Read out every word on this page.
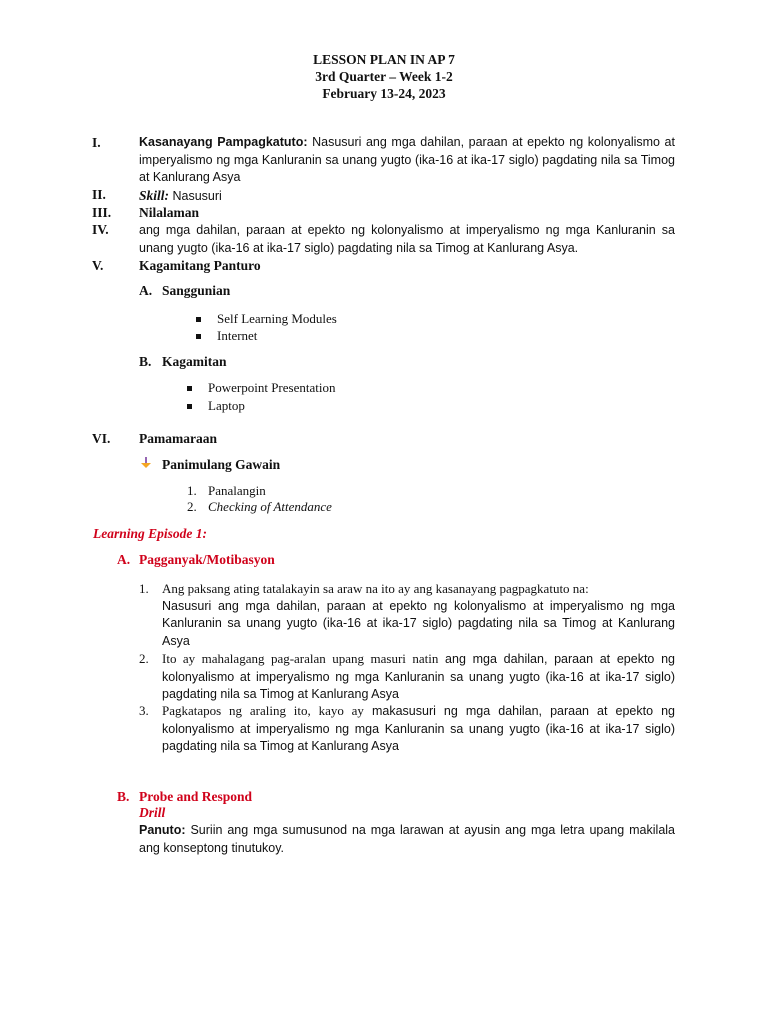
LESSON PLAN IN AP 7
3rd Quarter – Week 1-2
February 13-24, 2023
I.	Kasanayang Pampagkatuto: Nasusuri ang mga dahilan, paraan at epekto ng kolonyalismo at imperyalismo ng mga Kanluranin sa unang yugto (ika-16 at ika-17 siglo) pagdating nila sa Timog at Kanlurang Asya
II. Skill: Nasusuri
III. Nilalaman
IV. ang mga dahilan, paraan at epekto ng kolonyalismo at imperyalismo ng mga Kanluranin sa unang yugto (ika-16 at ika-17 siglo) pagdating nila sa Timog at Kanlurang Asya.
V.	Kagamitang Panturo
A. Sanggunian
Self Learning Modules
Internet
B. Kagamitan
Powerpoint Presentation
Laptop
VI. Pamamaraan
Panimulang Gawain
1. Panalangin
2. Checking of Attendance
Learning Episode 1:
A. Pagganyak/Motibasyon
1. Ang paksang ating tatalakayin sa araw na ito ay ang kasanayang pagpagkatuto na:
Nasusuri ang mga dahilan, paraan at epekto ng kolonyalismo at imperyalismo ng mga Kanluranin sa unang yugto (ika-16 at ika-17 siglo) pagdating nila sa Timog at Kanlurang Asya
2. Ito ay mahalagang pag-aralan upang masuri natin ang mga dahilan, paraan at epekto ng kolonyalismo at imperyalismo ng mga Kanluranin sa unang yugto (ika-16 at ika-17 siglo) pagdating nila sa Timog at Kanlurang Asya
3. Pagkatapos ng araling ito, kayo ay makasusuri ng mga dahilan, paraan at epekto ng kolonyalismo at imperyalismo ng mga Kanluranin sa unang yugto (ika-16 at ika-17 siglo) pagdating nila sa Timog at Kanlurang Asya
B. Probe and Respond
Drill
Panuto: Suriin ang mga sumusunod na mga larawan at ayusin ang mga letra upang makilala ang konseptong tinutukoy.
